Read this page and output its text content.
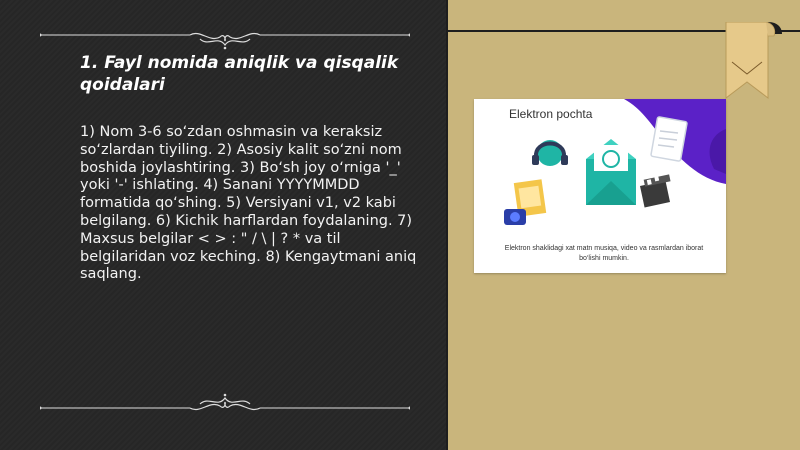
1. Fayl nomida aniqlik va qisqalik qoidalari

1) Nom 3-6 so‘zdan oshmasin va keraksiz so‘zlardan tiyiling. 2) Asosiy kalit so‘zni nom boshida joylashtiring. 3) Bo‘sh joy o‘rniga '_' yoki '-' ishlating. 4) Sanani YYYYMMDD formatida qo‘shing. 5) Versiyani v1, v2 kabi belgilang. 6) Kichik harflardan foydalaning. 7) Maxsus belgilar < > : " / \ | ? * va til belgilaridan voz keching. 8) Kengaytmani aniq saqlang.

Elektron pochta
Elektron shaklidagi xat matn musiqa, video va rasmlardan iborat bo‘lishi mumkin.
